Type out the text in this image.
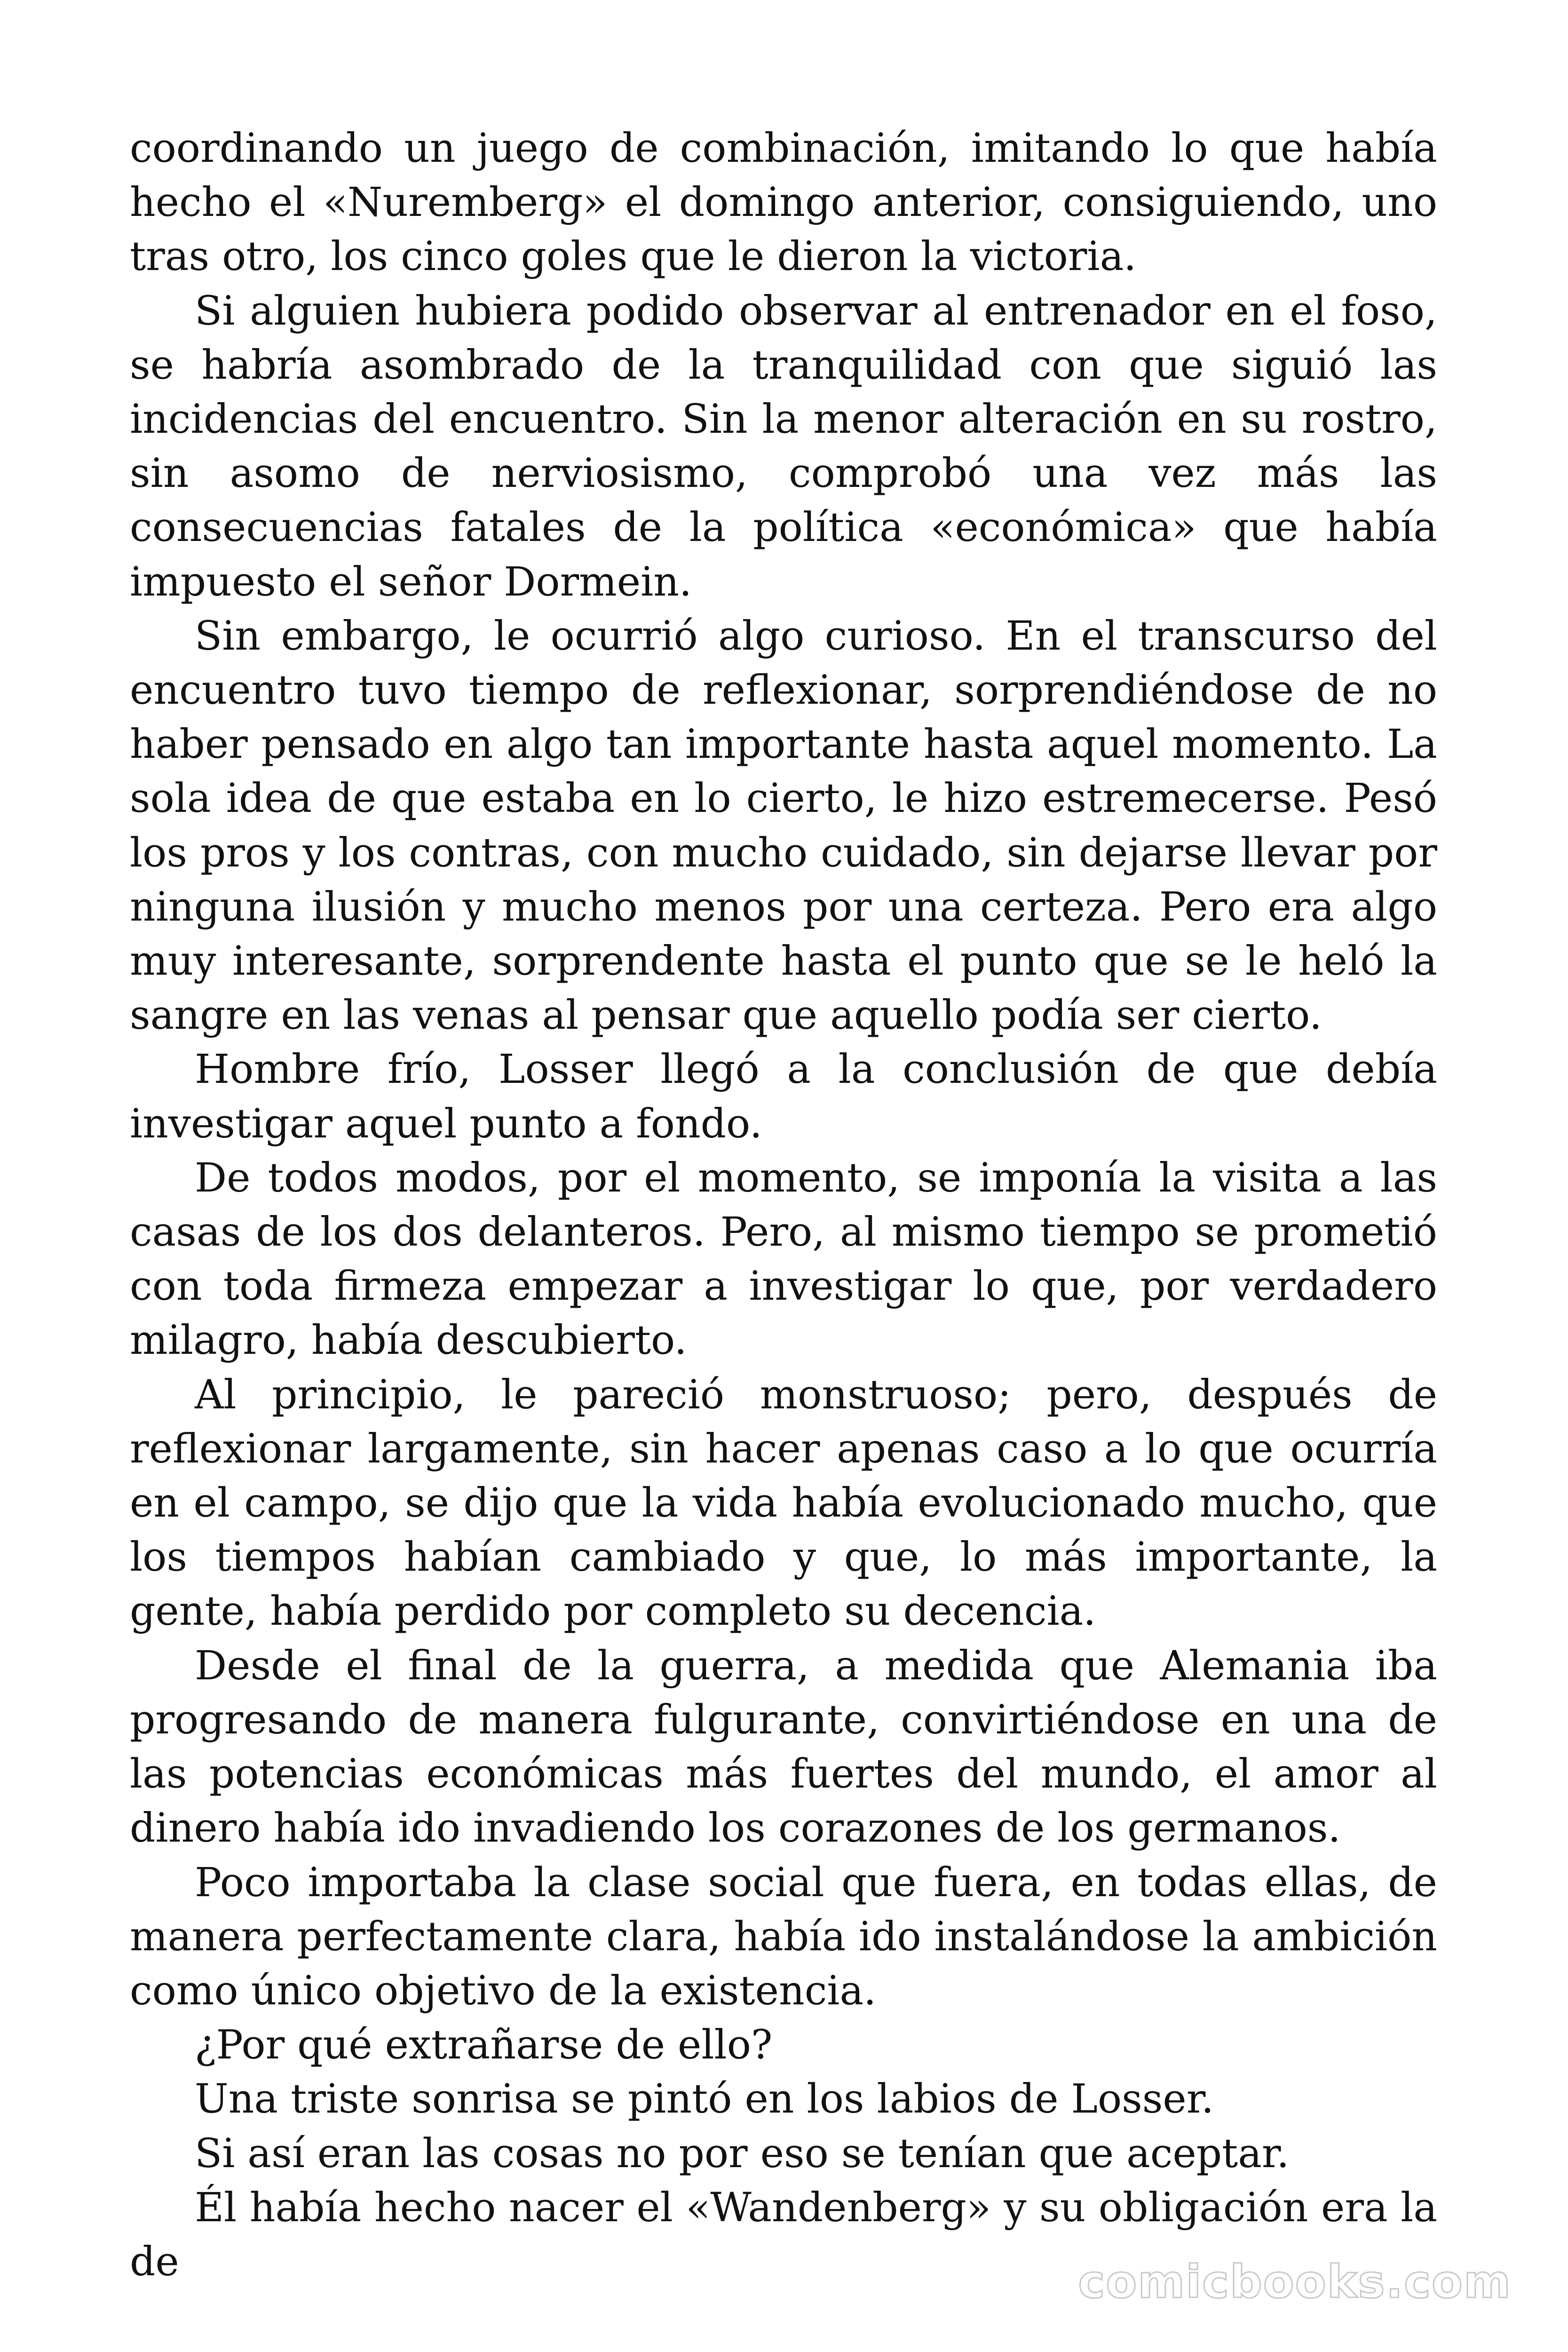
coordinando un juego de combinación, imitando lo que había hecho el «Nuremberg» el domingo anterior, consiguiendo, uno tras otro, los cinco goles que le dieron la victoria.

Si alguien hubiera podido observar al entrenador en el foso, se habría asombrado de la tranquilidad con que siguió las incidencias del encuentro. Sin la menor alteración en su rostro, sin asomo de nerviosismo, comprobó una vez más las consecuencias fatales de la política «económica» que había impuesto el señor Dormein.

Sin embargo, le ocurrió algo curioso. En el transcurso del encuentro tuvo tiempo de reflexionar, sorprendiéndose de no haber pensado en algo tan importante hasta aquel momento. La sola idea de que estaba en lo cierto, le hizo estremecerse. Pesó los pros y los contras, con mucho cuidado, sin dejarse llevar por ninguna ilusión y mucho menos por una certeza. Pero era algo muy interesante, sorprendente hasta el punto que se le heló la sangre en las venas al pensar que aquello podía ser cierto.

Hombre frío, Losser llegó a la conclusión de que debía investigar aquel punto a fondo.

De todos modos, por el momento, se imponía la visita a las casas de los dos delanteros. Pero, al mismo tiempo se prometió con toda firmeza empezar a investigar lo que, por verdadero milagro, había descubierto.

Al principio, le pareció monstruoso; pero, después de reflexionar largamente, sin hacer apenas caso a lo que ocurría en el campo, se dijo que la vida había evolucionado mucho, que los tiempos habían cambiado y que, lo más importante, la gente, había perdido por completo su decencia.

Desde el final de la guerra, a medida que Alemania iba progresando de manera fulgurante, convirtiéndose en una de las potencias económicas más fuertes del mundo, el amor al dinero había ido invadiendo los corazones de los germanos.

Poco importaba la clase social que fuera, en todas ellas, de manera perfectamente clara, había ido instalándose la ambición como único objetivo de la existencia.

¿Por qué extrañarse de ello?

Una triste sonrisa se pintó en los labios de Losser.

Si así eran las cosas no por eso se tenían que aceptar.

Él había hecho nacer el «Wandenberg» y su obligación era la de	comicbooks.com
